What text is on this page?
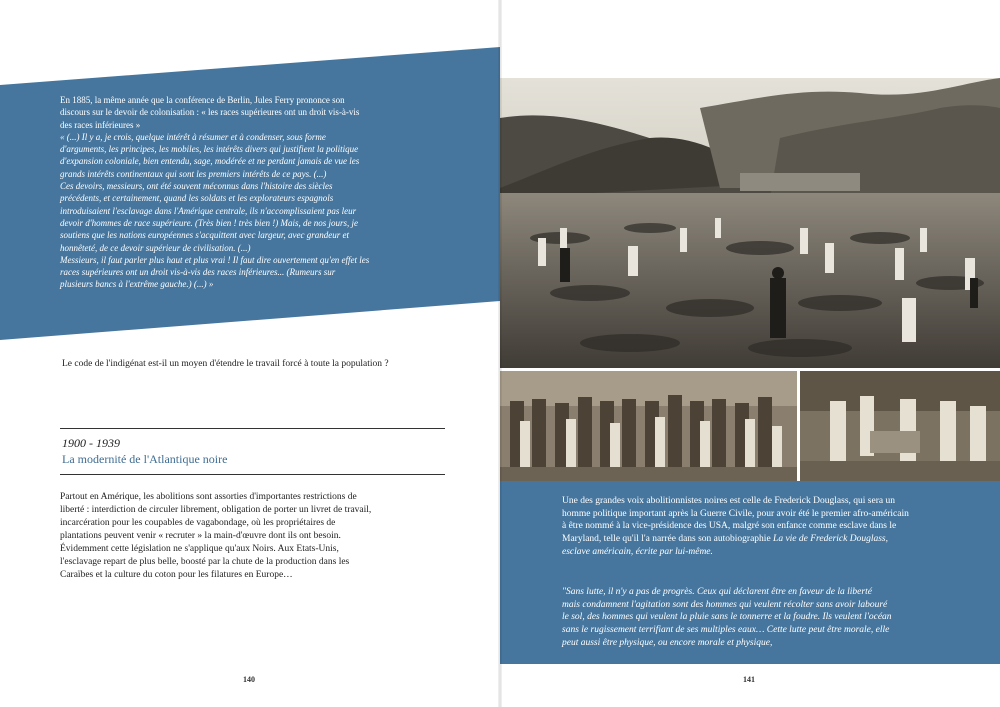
En 1885, la même année que la conférence de Berlin, Jules Ferry prononce son discours sur le devoir de colonisation : « les races supérieures ont un droit vis-à-vis des races inférieures »

« (...) Il y a, je crois, quelque intérêt à résumer et à condenser, sous forme d'arguments, les principes, les mobiles, les intérêts divers qui justifient la politique d'expansion coloniale, bien entendu, sage, modérée et ne perdant jamais de vue les grands intérêts continentaux qui sont les premiers intérêts de ce pays. (...)

Ces devoirs, messieurs, ont été souvent méconnus dans l'histoire des siècles précédents, et certainement, quand les soldats et les explorateurs espagnols introduisaient l'esclavage dans l'Amérique centrale, ils n'accomplissaient pas leur devoir d'hommes de race supérieure. (Très bien ! très bien !) Mais, de nos jours, je soutiens que les nations européennes s'acquittent avec largeur, avec grandeur et honnêteté, de ce devoir supérieur de civilisation. (...)

Messieurs, il faut parler plus haut et plus vrai ! Il faut dire ouvertement qu'en effet les races supérieures ont un droit vis-à-vis des races inférieures... (Rumeurs sur plusieurs bancs à l'extrême gauche.) (...) »

Le code de l'indigénat est-il un moyen d'étendre le travail forcé à toute la population ?
1900 - 1939
La modernité de l'Atlantique noire

Partout en Amérique, les abolitions sont assorties d'importantes restrictions de liberté : interdiction de circuler librement, obligation de porter un livret de travail, incarcération pour les coupables de vagabondage, où les propriétaires de plantations peuvent venir « recruter » la main-d'œuvre dont ils ont besoin. Évidemment cette législation ne s'applique qu'aux Noirs. Aux Etats-Unis, l'esclavage repart de plus belle, boosté par la chute de la production dans les Caraïbes et la culture du coton pour les filatures en Europe…

140

Une des grandes voix abolitionnistes noires est celle de Frederick Douglass, qui sera un homme politique important après la Guerre Civile, pour avoir été le premier afro-américain à être nommé à la vice-présidence des USA, malgré son enfance comme esclave dans le Maryland, telle qu'il l'a narrée dans son autobiographie La vie de Frederick Douglass, esclave américain, écrite par lui-même.

"Sans lutte, il n'y a pas de progrès. Ceux qui déclarent être en faveur de la liberté mais condamnent l'agitation sont des hommes qui veulent récolter sans avoir labouré le sol, des hommes qui veulent la pluie sans le tonnerre et la foudre. Ils veulent l'océan sans le rugissement terrifiant de ses multiples eaux… Cette lutte peut être morale, elle peut aussi être physique, ou encore morale et physique,
141
